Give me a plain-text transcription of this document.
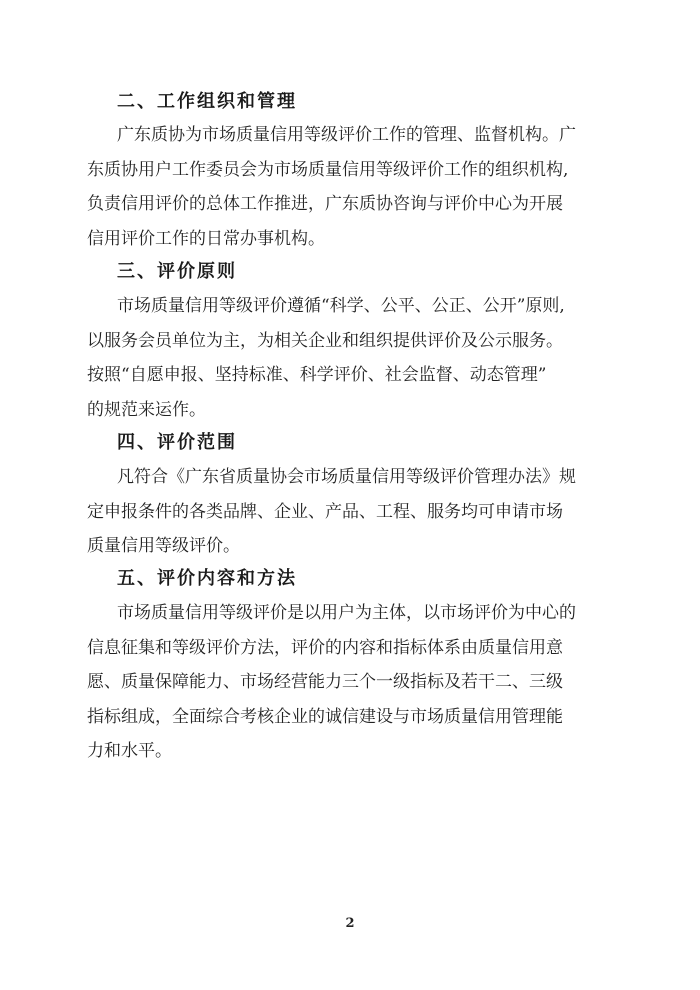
二、工作组织和管理
广东质协为市场质量信用等级评价工作的管理、监督机构。广
东质协用户工作委员会为市场质量信用等级评价工作的组织机构,
负责信用评价的总体工作推进，广东质协咨询与评价中心为开展
信用评价工作的日常办事机构。
三、评价原则
市场质量信用等级评价遵循“科学、公平、公正、公开”原则,
以服务会员单位为主，为相关企业和组织提供评价及公示服务。
按照“自愿申报、坚持标准、科学评价、社会监督、动态管理”
的规范来运作。
四、评价范围
凡符合《广东省质量协会市场质量信用等级评价管理办法》规
定申报条件的各类品牌、企业、产品、工程、服务均可申请市场
质量信用等级评价。
五、评价内容和方法
市场质量信用等级评价是以用户为主体，以市场评价为中心的
信息征集和等级评价方法，评价的内容和指标体系由质量信用意
愿、质量保障能力、市场经营能力三个一级指标及若干二、三级
指标组成，全面综合考核企业的诚信建设与市场质量信用管理能
力和水平。
2
